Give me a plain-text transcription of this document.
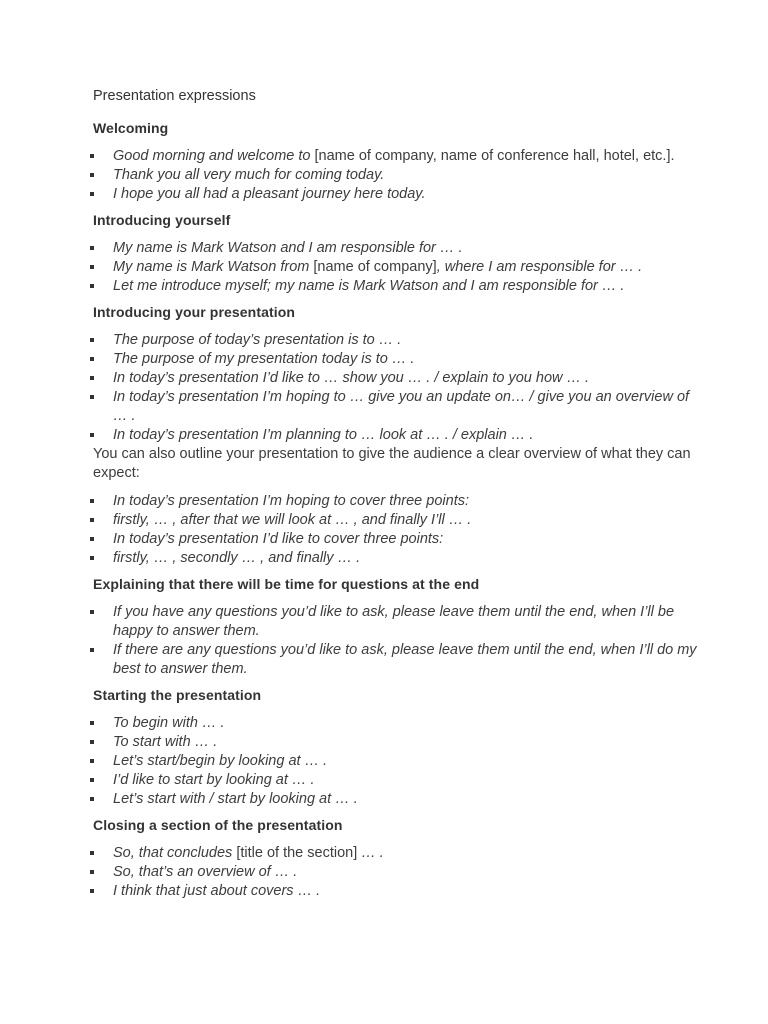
Presentation expressions
Welcoming
Good morning and welcome to [name of company, name of conference hall, hotel, etc.].
Thank you all very much for coming today.
I hope you all had a pleasant journey here today.
Introducing yourself
My name is Mark Watson and I am responsible for … .
My name is Mark Watson from [name of company], where I am responsible for … .
Let me introduce myself; my name is Mark Watson and I am responsible for … .
Introducing your presentation
The purpose of today’s presentation is to … .
The purpose of my presentation today is to … .
In today’s presentation I’d like to … show you … . / explain to you how … .
In today’s presentation I’m hoping to … give you an update on… / give you an overview of … .
In today’s presentation I’m planning to … look at … . / explain … .
You can also outline your presentation to give the audience a clear overview of what they can expect:
In today’s presentation I’m hoping to cover three points:
firstly, … , after that we will look at … , and finally I’ll … .
In today’s presentation I’d like to cover three points:
firstly, … , secondly … , and finally … .
Explaining that there will be time for questions at the end
If you have any questions you’d like to ask, please leave them until the end, when I’ll be happy to answer them.
If there are any questions you’d like to ask, please leave them until the end, when I’ll do my best to answer them.
Starting the presentation
To begin with … .
To start with … .
Let’s start/begin by looking at … .
I’d like to start by looking at … .
Let’s start with / start by looking at … .
Closing a section of the presentation
So, that concludes [title of the section] … .
So, that’s an overview of … .
I think that just about covers … .
